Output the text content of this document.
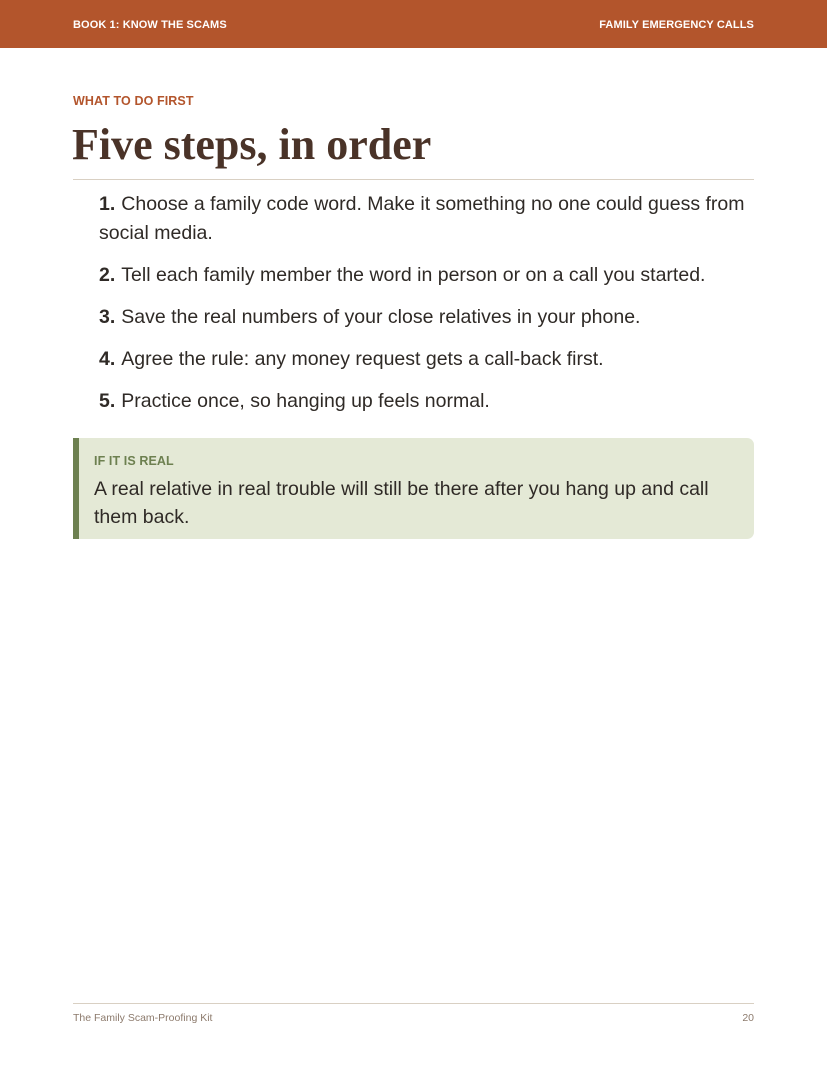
BOOK 1: KNOW THE SCAMS	FAMILY EMERGENCY CALLS
WHAT TO DO FIRST
Five steps, in order
1. Choose a family code word. Make it something no one could guess from social media.
2. Tell each family member the word in person or on a call you started.
3. Save the real numbers of your close relatives in your phone.
4. Agree the rule: any money request gets a call-back first.
5. Practice once, so hanging up feels normal.
IF IT IS REAL
A real relative in real trouble will still be there after you hang up and call them back.
The Family Scam-Proofing Kit	20
